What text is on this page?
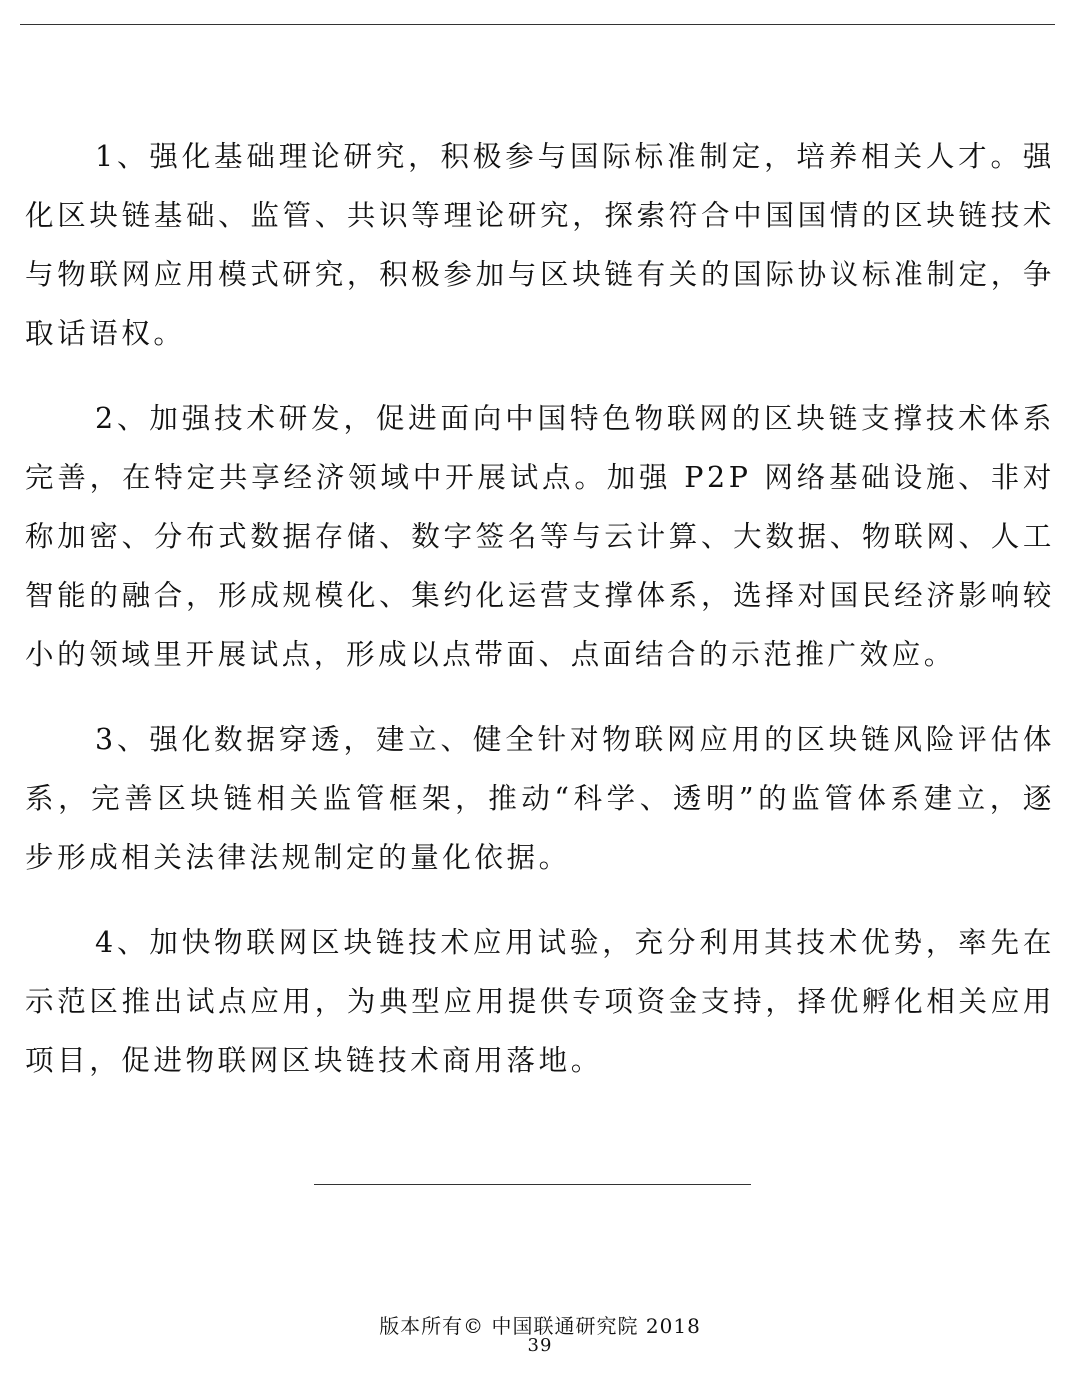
1、强化基础理论研究，积极参与国际标准制定，培养相关人才。强化区块链基础、监管、共识等理论研究，探索符合中国国情的区块链技术与物联网应用模式研究，积极参加与区块链有关的国际协议标准制定，争取话语权。

2、加强技术研发，促进面向中国特色物联网的区块链支撑技术体系完善，在特定共享经济领域中开展试点。加强 P2P 网络基础设施、非对称加密、分布式数据存储、数字签名等与云计算、大数据、物联网、人工智能的融合，形成规模化、集约化运营支撑体系，选择对国民经济影响较小的领域里开展试点，形成以点带面、点面结合的示范推广效应。

3、强化数据穿透，建立、健全针对物联网应用的区块链风险评估体系，完善区块链相关监管框架，推动“科学、透明”的监管体系建立，逐步形成相关法律法规制定的量化依据。

4、加快物联网区块链技术应用试验，充分利用其技术优势，率先在示范区推出试点应用，为典型应用提供专项资金支持，择优孵化相关应用项目，促进物联网区块链技术商用落地。

版本所有© 中国联通研究院 2018
39
